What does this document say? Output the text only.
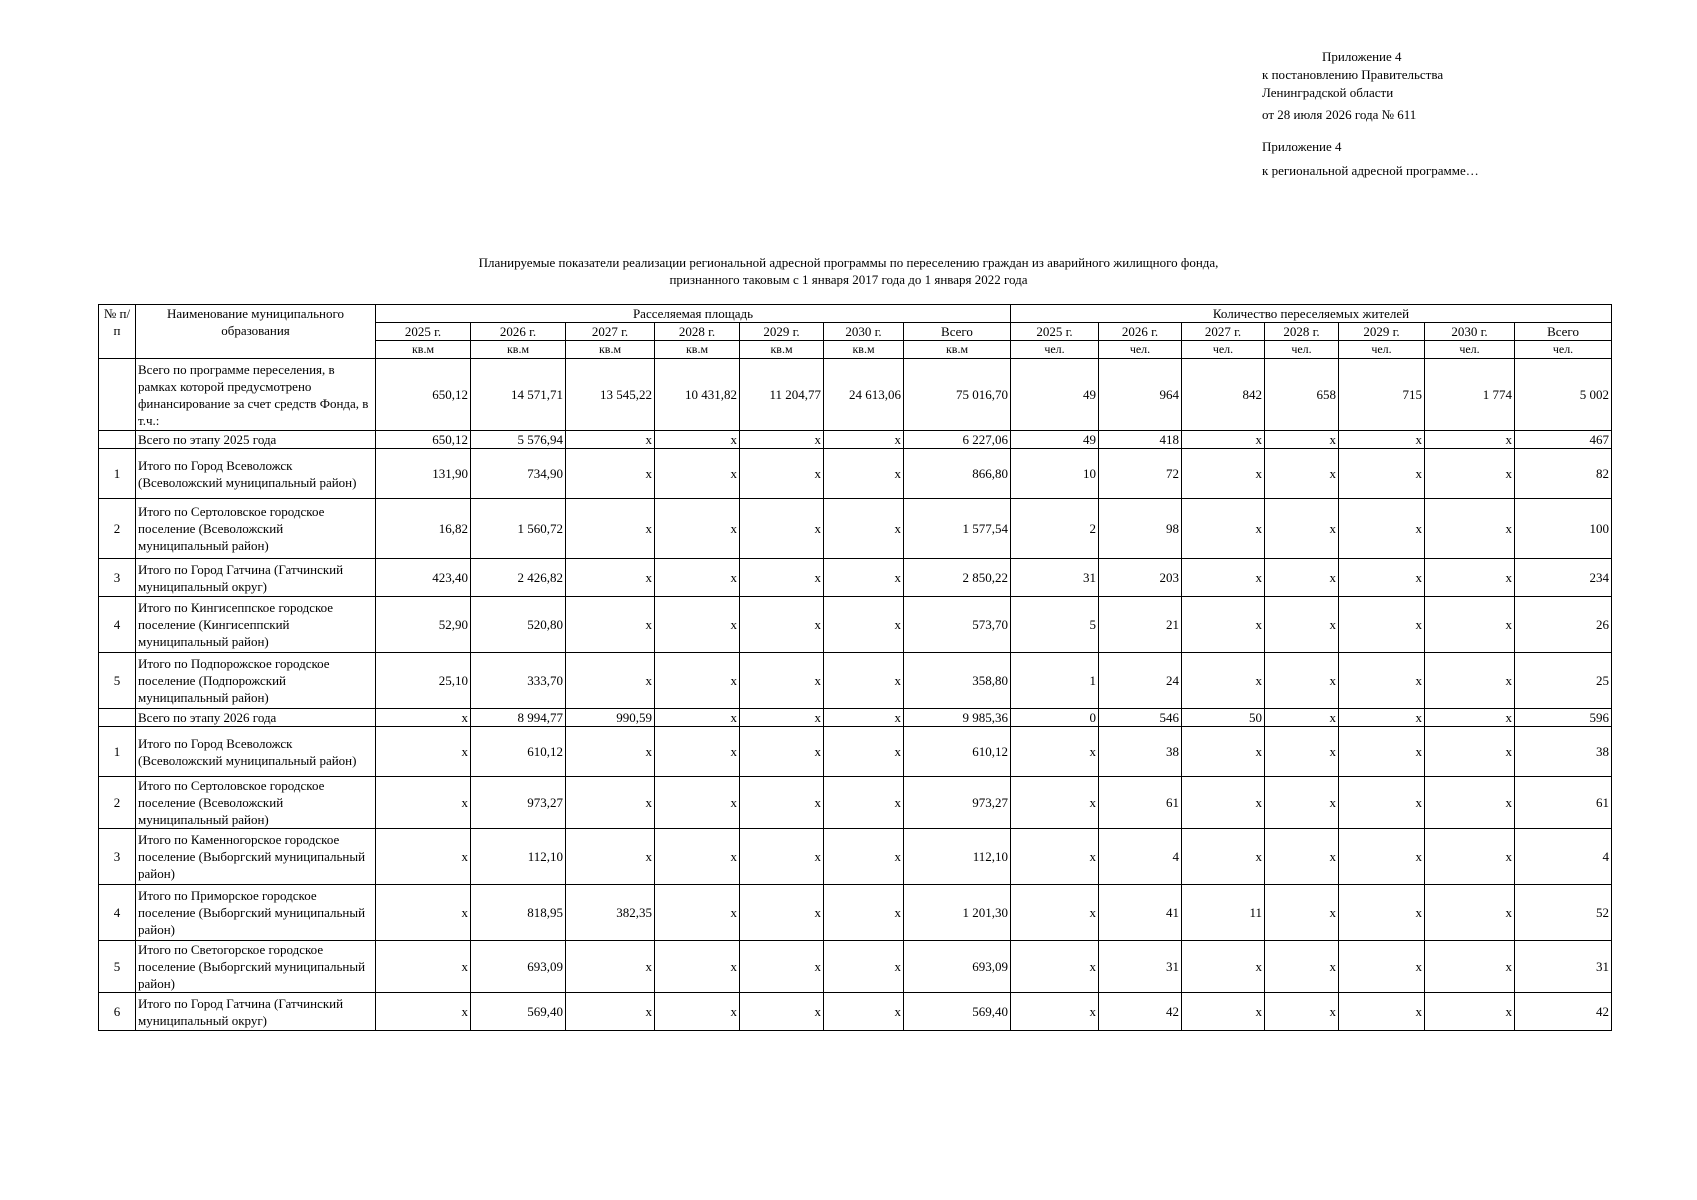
Приложение 4
к постановлению Правительства
Ленинградской области
от 28 июля 2026 года № 611
Приложение 4
к региональной адресной программе…
Планируемые показатели реализации региональной адресной программы по переселению граждан из аварийного жилищного фонда,
признанного таковым с 1 января 2017 года до 1 января 2022 года
№ п/п	Наименование муниципального образования	Расселяемая площадь							Количество переселяемых жителей						
		2025 г.	2026 г.	2027 г.	2028 г.	2029 г.	2030 г.	Всего	2025 г.	2026 г.	2027 г.	2028 г.	2029 г.	2030 г.	Всего
		кв.м	кв.м	кв.м	кв.м	кв.м	кв.м	кв.м	чел.	чел.	чел.	чел.	чел.	чел.	чел.
	Всего по программе переселения, в рамках которой предусмотрено финансирование за счет средств Фонда, в т.ч.:	650,12	14 571,71	13 545,22	10 431,82	11 204,77	24 613,06	75 016,70	49	964	842	658	715	1 774	5 002
	Всего по этапу 2025 года	650,12	5 576,94	x	x	x	x	6 227,06	49	418	x	x	x	x	467
1	Итого по Город Всеволожск (Всеволожский муниципальный район)	131,90	734,90	x	x	x	x	866,80	10	72	x	x	x	x	82
2	Итого по Сертоловское городское поселение (Всеволожский муниципальный район)	16,82	1 560,72	x	x	x	x	1 577,54	2	98	x	x	x	x	100
3	Итого по Город Гатчина (Гатчинский муниципальный округ)	423,40	2 426,82	x	x	x	x	2 850,22	31	203	x	x	x	x	234
4	Итого по Кингисеппское городское поселение (Кингисеппский муниципальный район)	52,90	520,80	x	x	x	x	573,70	5	21	x	x	x	x	26
5	Итого по Подпорожское городское поселение (Подпорожский муниципальный район)	25,10	333,70	x	x	x	x	358,80	1	24	x	x	x	x	25
	Всего по этапу 2026 года	x	8 994,77	990,59	x	x	x	9 985,36	0	546	50	x	x	x	596
1	Итого по Город Всеволожск (Всеволожский муниципальный район)	x	610,12	x	x	x	x	610,12	x	38	x	x	x	x	38
2	Итого по Сертоловское городское поселение (Всеволожский муниципальный район)	x	973,27	x	x	x	x	973,27	x	61	x	x	x	x	61
3	Итого по Каменногорское городское поселение (Выборгский муниципальный район)	x	112,10	x	x	x	x	112,10	x	4	x	x	x	x	4
4	Итого по Приморское городское поселение (Выборгский муниципальный район)	x	818,95	382,35	x	x	x	1 201,30	x	41	11	x	x	x	52
5	Итого по Светогорское городское поселение (Выборгский муниципальный район)	x	693,09	x	x	x	x	693,09	x	31	x	x	x	x	31
6	Итого по Город Гатчина (Гатчинский муниципальный округ)	x	569,40	x	x	x	x	569,40	x	42	x	x	x	x	42
